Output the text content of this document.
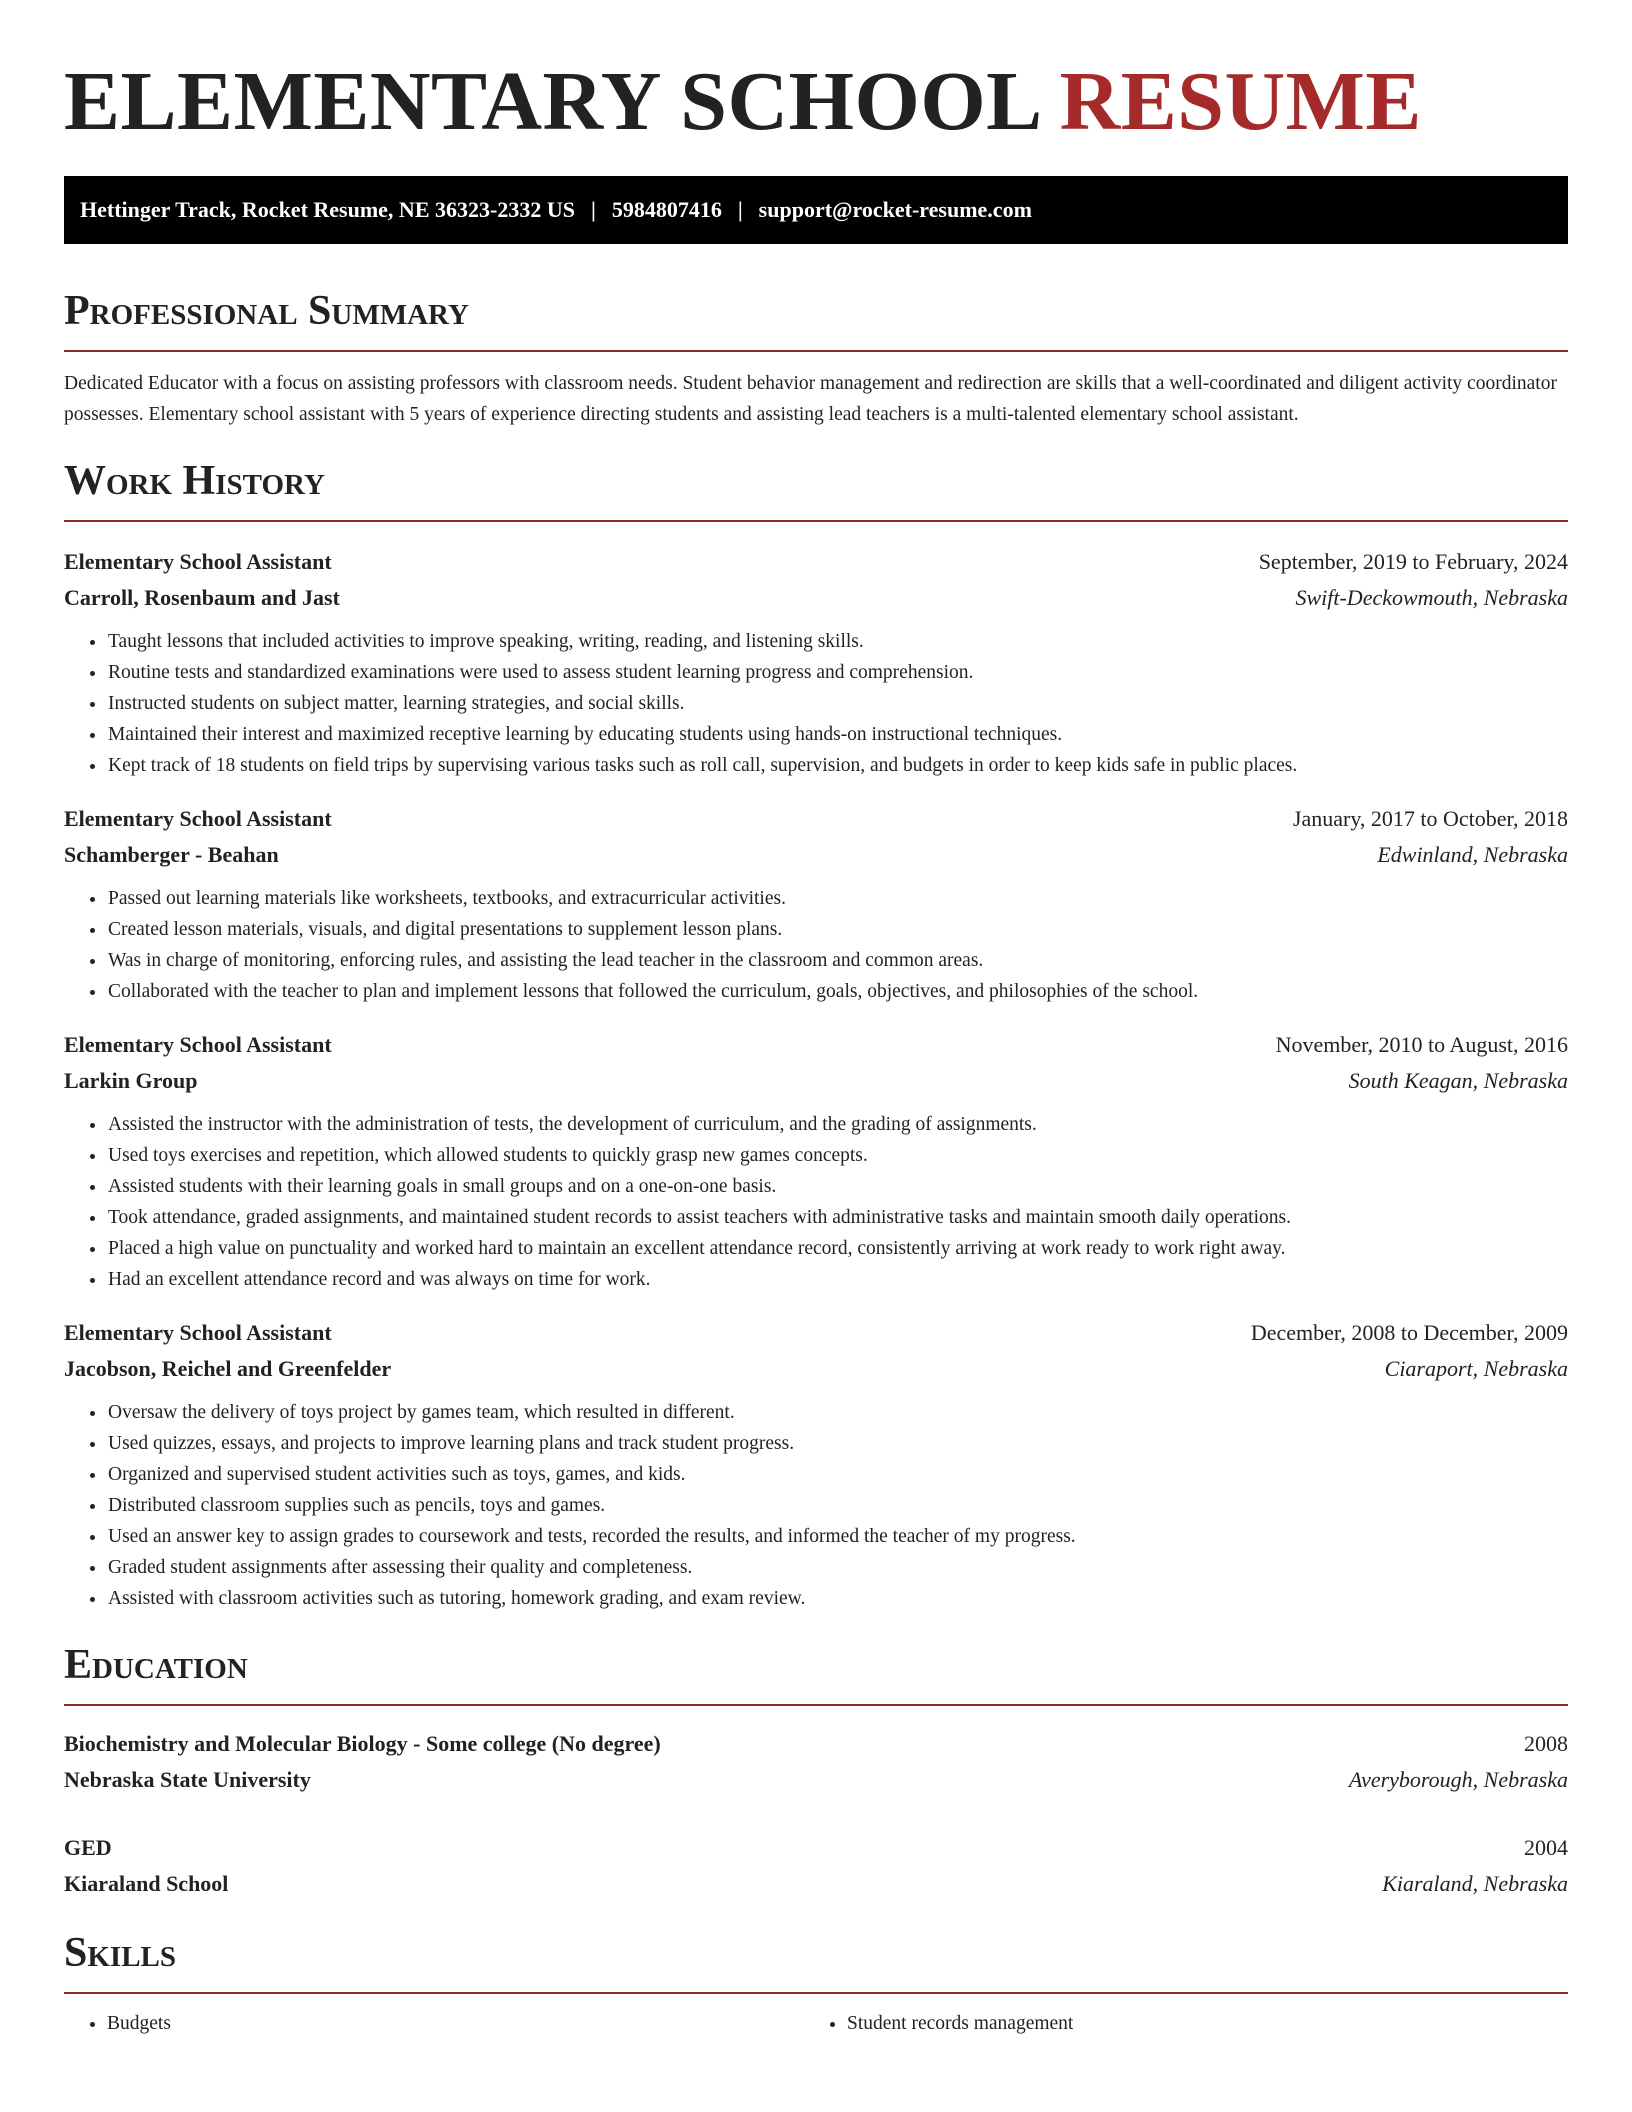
ELEMENTARY SCHOOL RESUME
Hettinger Track, Rocket Resume, NE 36323-2332 US | 5984807416 | support@rocket-resume.com
Professional Summary

Dedicated Educator with a focus on assisting professors with classroom needs. Student behavior management and redirection are skills that a well-coordinated and diligent activity coordinator possesses. Elementary school assistant with 5 years of experience directing students and assisting lead teachers is a multi-talented elementary school assistant.

Work History
Elementary School Assistant	September, 2019 to February, 2024
Carroll, Rosenbaum and Jast	Swift-Deckowmouth, Nebraska
• Taught lessons that included activities to improve speaking, writing, reading, and listening skills.
• Routine tests and standardized examinations were used to assess student learning progress and comprehension.
• Instructed students on subject matter, learning strategies, and social skills.
• Maintained their interest and maximized receptive learning by educating students using hands-on instructional techniques.
• Kept track of 18 students on field trips by supervising various tasks such as roll call, supervision, and budgets in order to keep kids safe in public places.
Elementary School Assistant	January, 2017 to October, 2018
Schamberger - Beahan	Edwinland, Nebraska
• Passed out learning materials like worksheets, textbooks, and extracurricular activities.
• Created lesson materials, visuals, and digital presentations to supplement lesson plans.
• Was in charge of monitoring, enforcing rules, and assisting the lead teacher in the classroom and common areas.
• Collaborated with the teacher to plan and implement lessons that followed the curriculum, goals, objectives, and philosophies of the school.
Elementary School Assistant	November, 2010 to August, 2016
Larkin Group	South Keagan, Nebraska
• Assisted the instructor with the administration of tests, the development of curriculum, and the grading of assignments.
• Used toys exercises and repetition, which allowed students to quickly grasp new games concepts.
• Assisted students with their learning goals in small groups and on a one-on-one basis.
• Took attendance, graded assignments, and maintained student records to assist teachers with administrative tasks and maintain smooth daily operations.
• Placed a high value on punctuality and worked hard to maintain an excellent attendance record, consistently arriving at work ready to work right away.
• Had an excellent attendance record and was always on time for work.
Elementary School Assistant	December, 2008 to December, 2009
Jacobson, Reichel and Greenfelder	Ciaraport, Nebraska
• Oversaw the delivery of toys project by games team, which resulted in different.
• Used quizzes, essays, and projects to improve learning plans and track student progress.
• Organized and supervised student activities such as toys, games, and kids.
• Distributed classroom supplies such as pencils, toys and games.
• Used an answer key to assign grades to coursework and tests, recorded the results, and informed the teacher of my progress.
• Graded student assignments after assessing their quality and completeness.
• Assisted with classroom activities such as tutoring, homework grading, and exam review.
Education
Biochemistry and Molecular Biology - Some college (No degree)	2008
Nebraska State University	Averyborough, Nebraska
GED	2004
Kiaraland School	Kiaraland, Nebraska
Skills
• Budgets
•	Student records management
